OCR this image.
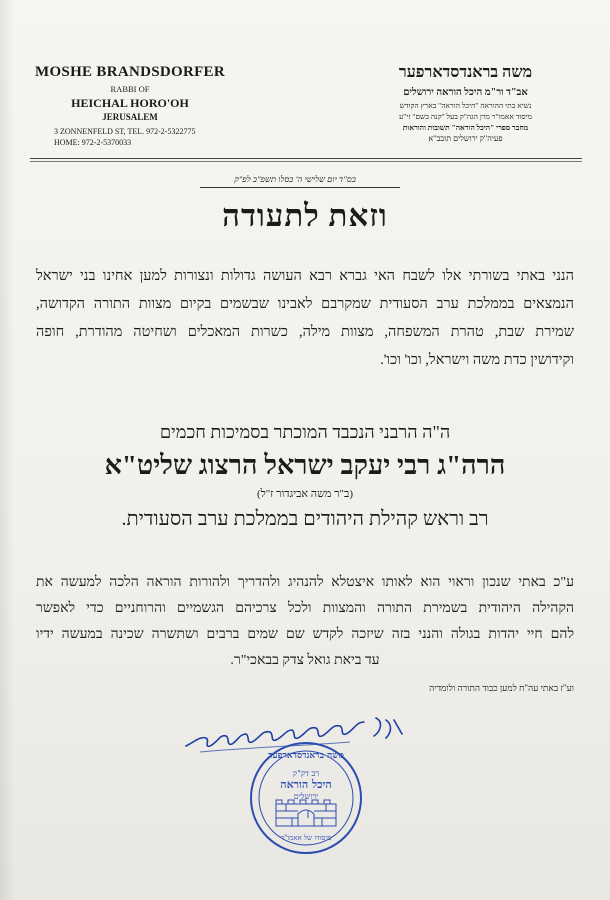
MOSHE BRANDSDORFER
RABBI OF
HEICHAL HORO'OH
JERUSALEM
3 ZONNENFELD ST, TEL. 972-2-5322775
HOME: 972-2-5370033
משה בראנדסדארפער
אב"ד ור"מ היכל הוראה ירושלים
נשיא בתי ההוראה "היכל הוראה" בארץ הקודש
מיסוד אאמו"ר מרן הגה"ק בעל "קנה בשם" זי"ע
מחבר ספרי "היכל הוראה" תשובות והוראות
פעיה"ק ירושלים תובב"א
בס"ד יום שלישי ה' כסלו תשפ"ב לפ"ק
וזאת לתעודה
הנני באתי בשורתי אלו לשבח האי גברא רבא העושה גדולות ונצורות למען אחינו בני ישראל
הנמצאים בממלכת ערב הסעודית שמקרבם לאבינו שבשמים בקיום מצוות התורה הקדושה,
שמירת שבת, טהרת המשפחה, מצוות מילה, כשרות המאכלים ושחיטה מהודרת, חופה
וקידושין כדת משה וישראל, וכו' וכו'.
ה"ה הרבני הנכבד המוכתר בסמיכות חכמים
הרה"ג רבי יעקב ישראל הרצוג שליט"א
(ב"ר משה אביגדור ז"ל)
רב וראש קהילת היהודים בממלכת ערב הסעודית.
ע"כ באתי שנכון וראוי הוא לאותו איצטלא להנהיג ולהדריך ולהורות הוראה הלכה למעשה את
הקהילה היהודית בשמירת התורה והמצוות ולכל צרכיהם הגשמיים והרוחניים כדי לאפשר
להם חיי יהדות בגולה והנני בזה שיזכה לקדש שם שמים ברבים ושתשרה שכינה במעשה ידיו
עד ביאת גואל צדק בבאכי"ר.
וע"ז באתי עה"ח למען כבוד התורה ולומדיה
משה בראנדסדארפער
רב דק"ק
היכל הוראה
ירושלים
מיסודו של אאמו"ר
